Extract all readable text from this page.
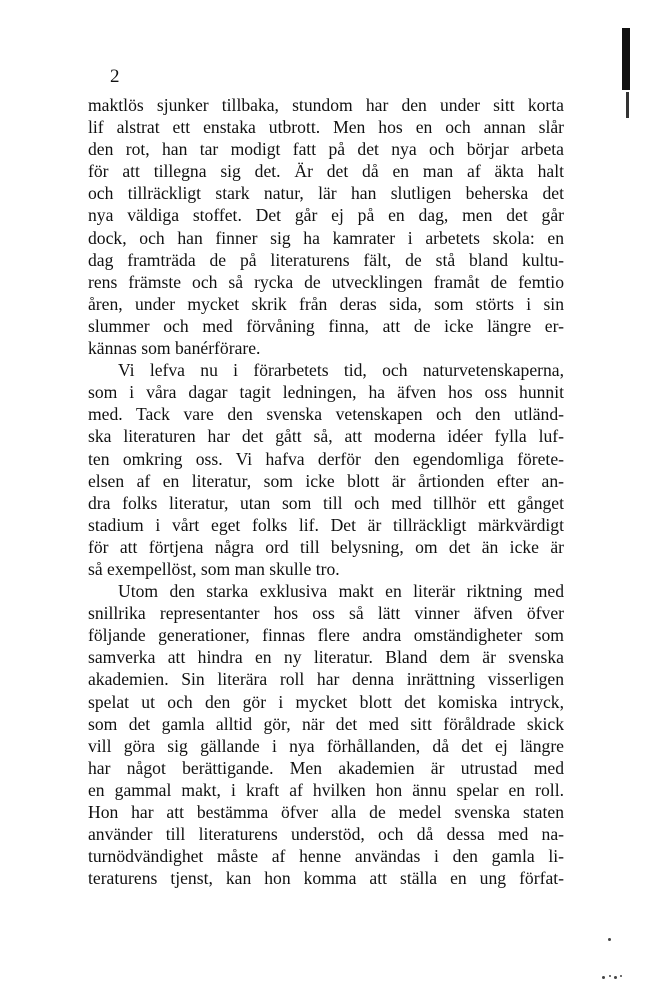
2

maktlös sjunker tillbaka, stundom har den under sitt korta
lif alstrat ett enstaka utbrott. Men hos en och annan slår
den rot, han tar modigt fatt på det nya och börjar arbeta
för att tillegna sig det. Är det då en man af äkta halt
och tillräckligt stark natur, lär han slutligen beherska det
nya väldiga stoffet. Det går ej på en dag, men det går
dock, och han finner sig ha kamrater i arbetets skola: en
dag framträda de på literaturens fält, de stå bland kultu-
rens främste och så rycka de utvecklingen framåt de femtio
åren, under mycket skrik från deras sida, som störts i sin
slummer och med förvåning finna, att de icke längre er-
kännas som banérförare.

Vi lefva nu i förarbetets tid, och naturvetenskaperna,
som i våra dagar tagit ledningen, ha äfven hos oss hunnit
med. Tack vare den svenska vetenskapen och den utländ-
ska literaturen har det gått så, att moderna idéer fylla luf-
ten omkring oss. Vi hafva derför den egendomliga förete-
elsen af en literatur, som icke blott är årtionden efter an-
dra folks literatur, utan som till och med tillhör ett gånget
stadium i vårt eget folks lif. Det är tillräckligt märkvärdigt
för att förtjena några ord till belysning, om det än icke är
så exempellöst, som man skulle tro.

Utom den starka exklusiva makt en literär riktning med
snillrika representanter hos oss så lätt vinner äfven öfver
följande generationer, finnas flere andra omständigheter som
samverka att hindra en ny literatur. Bland dem är svenska
akademien. Sin literära roll har denna inrättning visserligen
spelat ut och den gör i mycket blott det komiska intryck,
som det gamla alltid gör, när det med sitt föråldrade skick
vill göra sig gällande i nya förhållanden, då det ej längre
har något berättigande. Men akademien är utrustad med
en gammal makt, i kraft af hvilken hon ännu spelar en roll.
Hon har att bestämma öfver alla de medel svenska staten
använder till literaturens understöd, och då dessa med na-
turnödvändighet måste af henne användas i den gamla li-
teraturens tjenst, kan hon komma att ställa en ung förfat-
